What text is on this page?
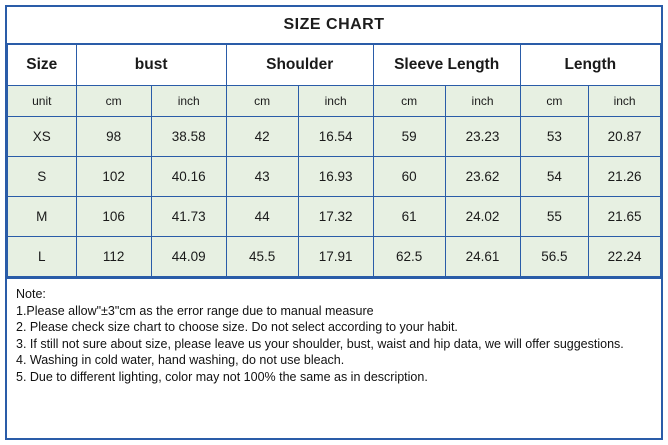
SIZE CHART
Size	bust		Shoulder		Sleeve Length		Length	
unit	cm	inch	cm	inch	cm	inch	cm	inch
XS	98	38.58	42	16.54	59	23.23	53	20.87
S	102	40.16	43	16.93	60	23.62	54	21.26
M	106	41.73	44	17.32	61	24.02	55	21.65
L	112	44.09	45.5	17.91	62.5	24.61	56.5	22.24
Note:
1.Please allow"±3"cm as the error range due to manual measure
2. Please check size chart to choose size. Do not select according to your habit.
3. If still not sure about size, please leave us your shoulder, bust, waist and hip data, we will offer suggestions.
4. Washing in cold water, hand washing, do not use bleach.
5. Due to different lighting, color may not 100% the same as in description.
